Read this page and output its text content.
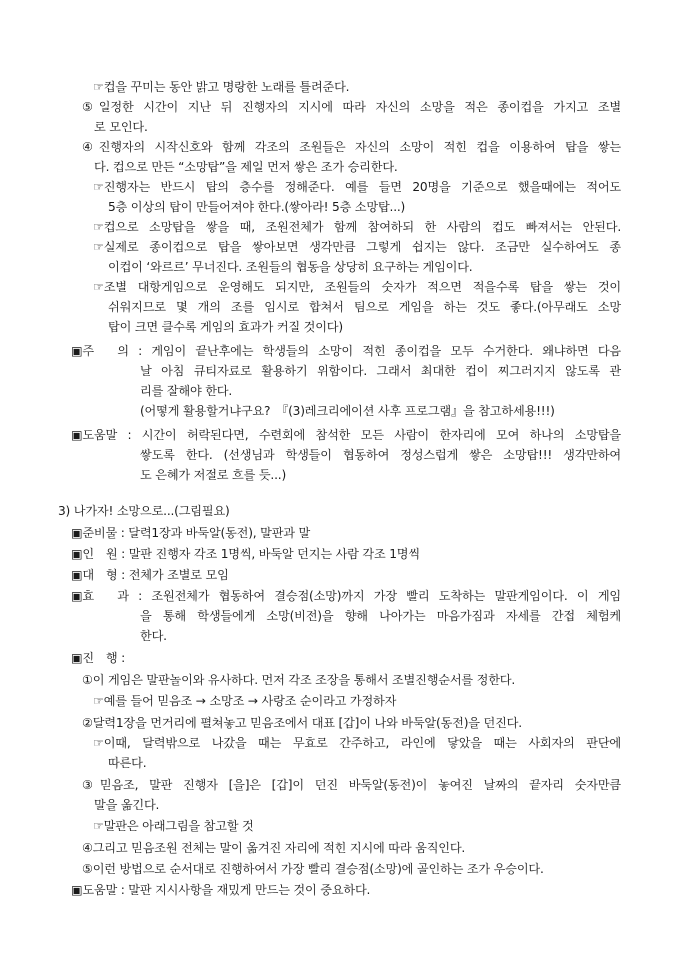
☞컵을 꾸미는 동안 밝고 명랑한 노래를 틀려준다.
⑤일정한 시간이 지난 뒤 진행자의 지시에 따라 자신의 소망을 적은 종이컵을 가지고 조별
로 모인다.
④진행자의 시작신호와 함께 각조의 조원들은 자신의 소망이 적힌 컵을 이용하여 탑을 쌓는
다. 컵으로 만든 “소망탑”을 제일 먼저 쌓은 조가 승리한다.
☞진행자는 반드시 탑의 층수를 정해준다. 예를 들면 20명을 기준으로 했을때에는 적어도
5층 이상의 탑이 만들어져야 한다.(쌓아라! 5층 소망탑...)
☞컵으로 소망탑을 쌓을 때, 조원전체가 함께 참여하되 한 사람의 컵도 빠져서는 안된다.
☞실제로 종이컵으로 탑을 쌓아보면 생각만큼 그렇게 쉽지는 않다. 조금만 실수하여도 종
이컵이 ‘와르르’ 무너진다. 조원들의 협동을 상당히 요구하는 게임이다.
☞조별 대항게임으로 운영해도 되지만, 조원들의 숫자가 적으면 적을수록 탑을 쌓는 것이
쉬워지므로 몇 개의 조를 임시로 합쳐서 팀으로 게임을 하는 것도 좋다.(아무래도 소망
탑이 크면 클수록 게임의 효과가 커질 것이다)
▣주　의 : 게임이 끝난후에는 학생들의 소망이 적힌 종이컵을 모두 수거한다. 왜냐하면 다음
날 아침 큐티자료로 활용하기 위함이다. 그래서 최대한 컵이 찌그러지지 않도록 관
리를 잘해야 한다.
(어떻게 활용할거냐구요?　『(3)레크리에이션 사후 프로그램』을 참고하세용!!!)
▣도움말 : 시간이 허락된다면, 수련회에 참석한 모든 사람이 한자리에 모여 하나의 소망탑을
쌓도록 한다. (선생님과 학생들이 협동하여 정성스럽게 쌓은 소망탑!!! 생각만하여
도 은혜가 저절로 흐를 듯...)
3) 나가자! 소망으로...(그림필요)
▣준비물 : 달력1장과 바둑알(동전), 말판과 말
▣인　원 : 말판 진행자 각조 1명씩, 바둑알 던지는 사람 각조 1명씩
▣대　형 : 전체가 조별로 모임
▣효　과 : 조원전체가 협동하여 결승점(소망)까지 가장 빨리 도착하는 말판게임이다. 이 게임
을 통해 학생들에게 소망(비전)을 향해 나아가는 마음가짐과 자세를 간접 체험케
한다.
▣진　행 :
①이 게임은 말판놀이와 유사하다. 먼저 각조 조장을 통해서 조별진행순서를 정한다.
☞예를 들어 믿음조 → 소망조 → 사랑조 순이라고 가정하자
②달력1장을 먼거리에 펼쳐놓고 믿음조에서 대표 [갑]이 나와 바둑알(동전)을 던진다.
☞이때, 달력밖으로 나갔을 때는 무효로 간주하고, 라인에 닿았을 때는 사회자의 판단에
따른다.
③믿음조, 말판 진행자 [을]은 [갑]이 던진 바둑알(동전)이 놓여진 날짜의 끝자리 숫자만큼
말을 옮긴다.
☞말판은 아래그림을 참고할 것
④그리고 믿음조원 전체는 말이 옮겨진 자리에 적힌 지시에 따라 움직인다.
⑤이런 방법으로 순서대로 진행하여서 가장 빨리 결승점(소망)에 골인하는 조가 우승이다.
▣도움말 : 말판 지시사항을 재밌게 만드는 것이 중요하다.
